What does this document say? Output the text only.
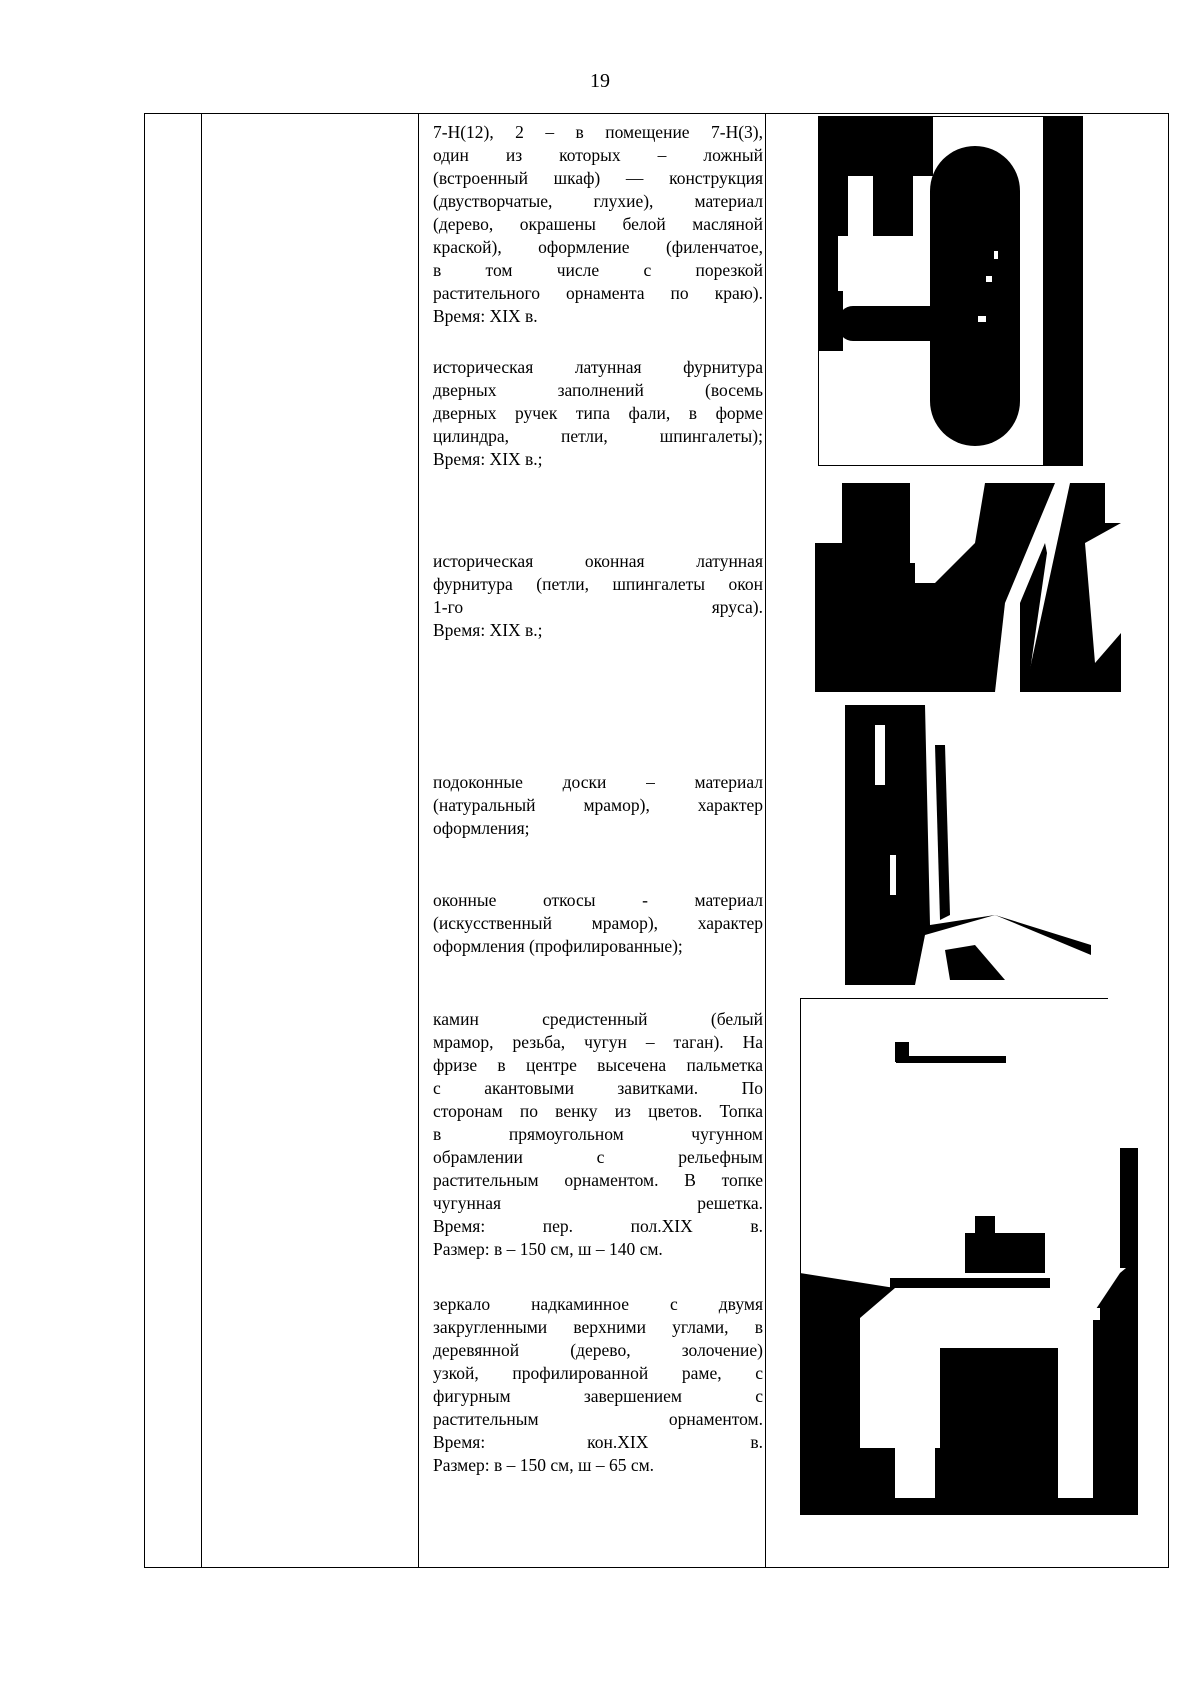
19
7-Н(12), 2 – в помещение 7-Н(3),
один из которых – ложный
(встроенный шкаф) — конструкция
(двустворчатые, глухие), материал
(дерево, окрашены белой масляной
краской), оформление (филенчатое,
в том числе с порезкой
растительного орнамента по краю).
Время: XIX в.
историческая латунная фурнитура
дверных заполнений (восемь
дверных ручек типа фали, в форме
цилиндра, петли, шпингалеты);
Время: XIX в.;
историческая оконная латунная
фурнитура (петли, шпингалеты окон
1-го яруса).
Время: XIX в.;
подоконные доски – материал
(натуральный мрамор), характер
оформления;
оконные откосы - материал
(искусственный мрамор), характер
оформления (профилированные);
камин средистенный (белый
мрамор, резьба, чугун – таган). На
фризе в центре высечена пальметка
с акантовыми завитками. По
сторонам по венку из цветов. Топка
в прямоугольном чугунном
обрамлении с рельефным
растительным орнаментом. В топке
чугунная решетка.
Время: пер. пол.XIX в.
Размер: в – 150 см, ш – 140 см.
зеркало надкаминное с двумя
закругленными верхними углами, в
деревянной (дерево, золочение)
узкой, профилированной раме, с
фигурным завершением с
растительным орнаментом.
Время: кон.XIX в.
Размер: в – 150 см, ш – 65 см.
